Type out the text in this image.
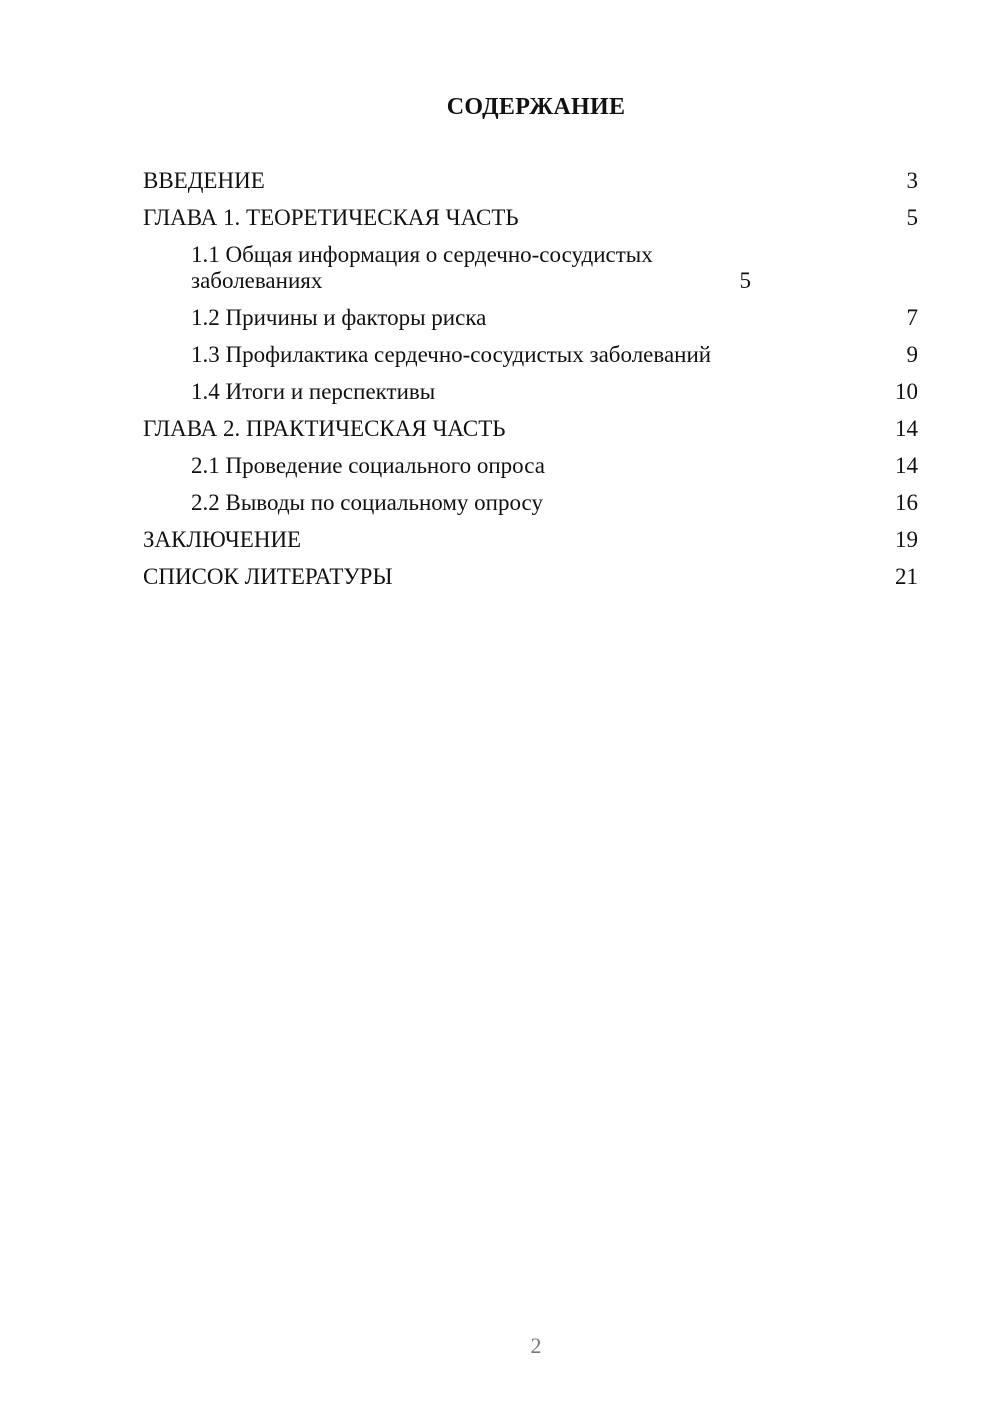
СОДЕРЖАНИЕ
ВВЕДЕНИЕ	3
ГЛАВА 1. ТЕОРЕТИЧЕСКАЯ ЧАСТЬ	5
1.1 Общая информация о сердечно-сосудистых заболеваниях	5
1.2 Причины и факторы риска	7
1.3 Профилактика сердечно-сосудистых заболеваний	9
1.4 Итоги и перспективы	10
ГЛАВА 2. ПРАКТИЧЕСКАЯ ЧАСТЬ	14
2.1 Проведение социального опроса	14
2.2 Выводы по социальному опросу	16
ЗАКЛЮЧЕНИЕ	19
СПИСОК ЛИТЕРАТУРЫ	21
2
